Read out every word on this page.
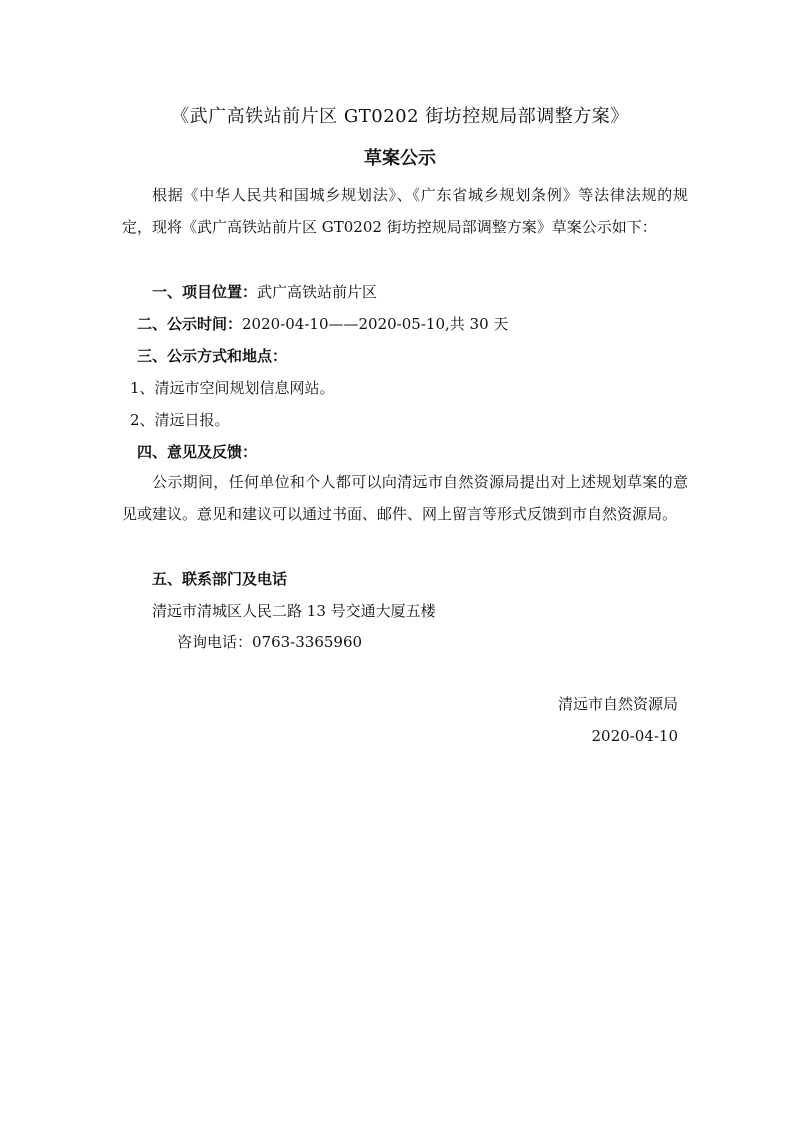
《武广高铁站前片区 GT0202 街坊控规局部调整方案》
草案公示

根据《中华人民共和国城乡规划法》、《广东省城乡规划条例》等法律法规的规定，现将《武广高铁站前片区 GT0202 街坊控规局部调整方案》草案公示如下：

一、项目位置：武广高铁站前片区
二、公示时间：2020-04-10——2020-05-10,共 30 天
三、公示方式和地点：
1、清远市空间规划信息网站。
2、清远日报。
四、意见及反馈：

公示期间，任何单位和个人都可以向清远市自然资源局提出对上述规划草案的意见或建议。意见和建议可以通过书面、邮件、网上留言等形式反馈到市自然资源局。

五、联系部门及电话
清远市清城区人民二路 13 号交通大厦五楼
咨询电话：0763-3365960
清远市自然资源局
2020-04-10
